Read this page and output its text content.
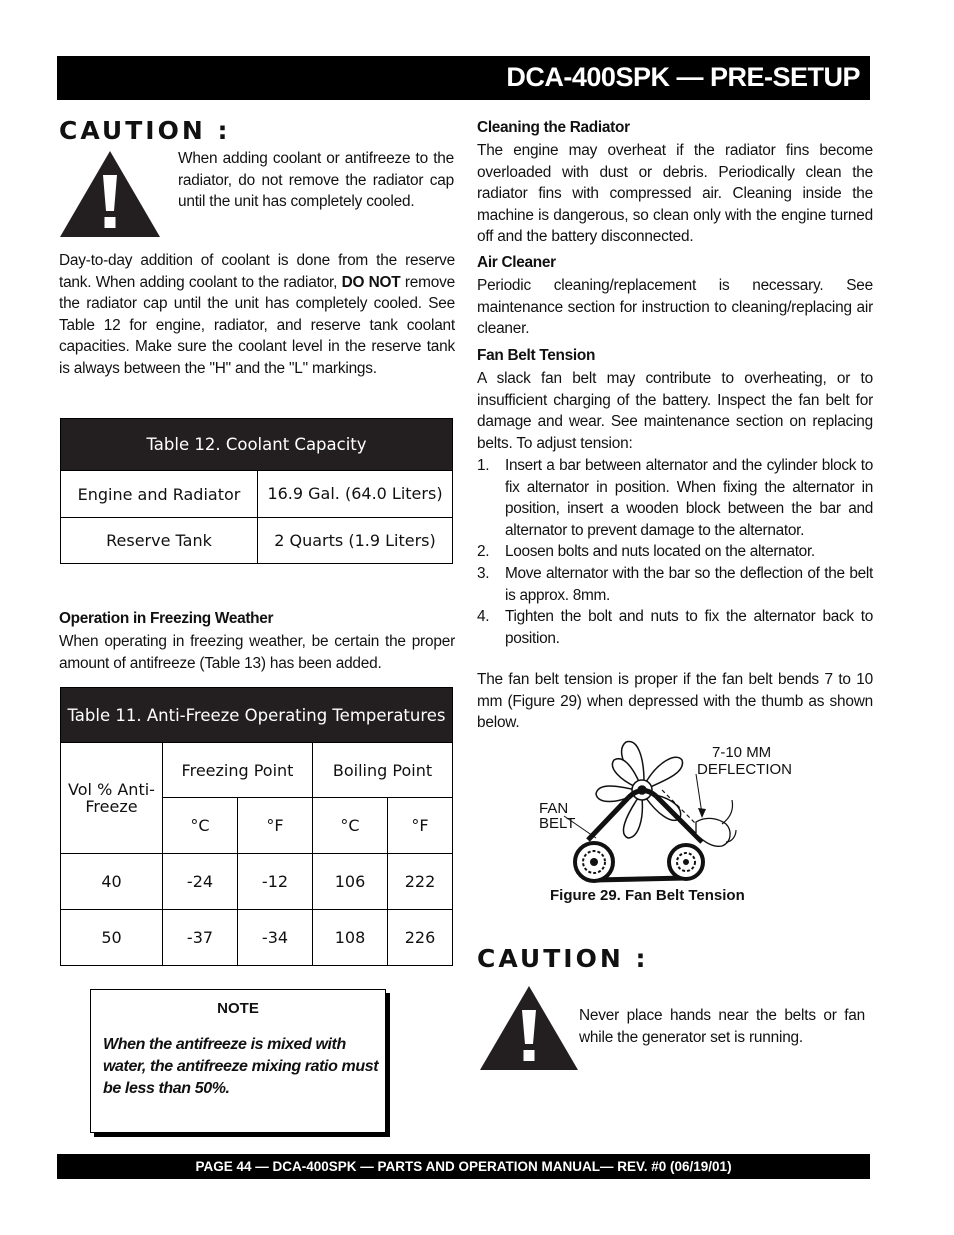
DCA-400SPK — PRE-SETUP
CAUTION :
When adding coolant or antifreeze to the radiator, do not remove the radiator cap until the unit has completely cooled.
Day-to-day addition of coolant is done from the reserve tank. When adding coolant to the radiator, DO NOT remove the radiator cap until the unit has completely cooled. See Table 12 for engine, radiator, and reserve tank coolant capacities. Make sure the coolant level in the reserve tank is always between the "H" and the "L" markings.
Table 12. Coolant Capacity	
Engine and Radiator	16.9 Gal. (64.0 Liters)
Reserve Tank	2 Quarts (1.9 Liters)
Operation in Freezing Weather
When operating in freezing weather, be certain the proper amount of antifreeze (Table 13) has been added.
Table 11. Anti-Freeze Operating Temperatures				
Vol % Anti-Freeze	Freezing Point		Boiling Point	
	°C	°F	°C	°F
40	-24	-12	106	222
50	-37	-34	108	226
NOTE
When the antifreeze is mixed with water, the antifreeze mixing ratio must be less than 50%.
Cleaning the Radiator
The engine may overheat if the radiator fins become overloaded with dust or debris. Periodically clean the radiator fins with compressed air. Cleaning inside the machine is dangerous, so clean only with the engine turned off and the battery disconnected.
Air Cleaner
Periodic cleaning/replacement is necessary. See maintenance section for instruction to cleaning/replacing air cleaner.
Fan Belt Tension
A slack fan belt may contribute to overheating, or to insufficient charging of the battery. Inspect the fan belt for damage and wear. See maintenance section on replacing belts. To adjust tension:
1.	Insert a bar between alternator and the cylinder block to fix alternator in position. When fixing the alternator in position, insert a wooden block between the bar and alternator to prevent damage to the alternator.
2.	Loosen bolts and nuts located on the alternator.
3.	Move alternator with the bar so the deflection of the belt is approx. 8mm.
4.	Tighten the bolt and nuts to fix the alternator back to position.
The fan belt tension is proper if the fan belt bends 7 to 10 mm (Figure 29) when depressed with the thumb as shown below.
7-10 MM
DEFLECTION
FAN
BELT
Figure 29. Fan Belt Tension
CAUTION :
Never place hands near the belts or fan while the generator set is running.
PAGE 44 — DCA-400SPK — PARTS AND OPERATION MANUAL— REV. #0 (06/19/01)
